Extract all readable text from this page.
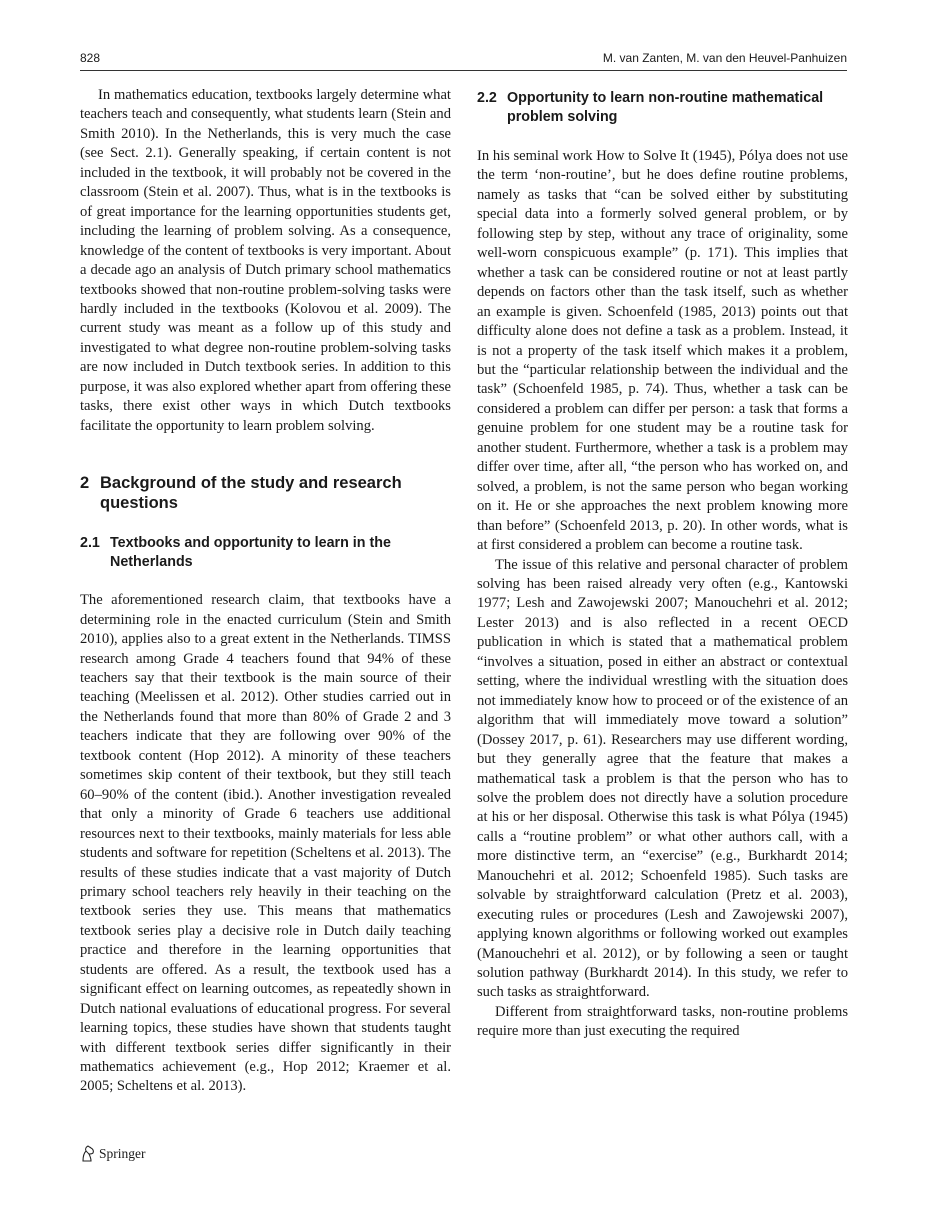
828	M. van Zanten, M. van den Heuvel-Panhuizen

In mathematics education, textbooks largely determine what teachers teach and consequently, what students learn (Stein and Smith 2010). In the Netherlands, this is very much the case (see Sect. 2.1). Generally speaking, if certain content is not included in the textbook, it will probably not be covered in the classroom (Stein et al. 2007). Thus, what is in the textbooks is of great importance for the learning opportunities students get, including the learning of problem solving. As a consequence, knowledge of the content of textbooks is very important. About a decade ago an analysis of Dutch primary school mathematics textbooks showed that non-routine problem-solving tasks were hardly included in the textbooks (Kolovou et al. 2009). The current study was meant as a follow up of this study and investigated to what degree non-routine problem-solving tasks are now included in Dutch textbook series. In addition to this purpose, it was also explored whether apart from offering these tasks, there exist other ways in which Dutch textbooks facilitate the opportunity to learn problem solving.

2 Background of the study and research questions
2.1 Textbooks and opportunity to learn in the Netherlands

The aforementioned research claim, that textbooks have a determining role in the enacted curriculum (Stein and Smith 2010), applies also to a great extent in the Netherlands. TIMSS research among Grade 4 teachers found that 94% of these teachers say that their textbook is the main source of their teaching (Meelissen et al. 2012). Other studies carried out in the Netherlands found that more than 80% of Grade 2 and 3 teachers indicate that they are following over 90% of the textbook content (Hop 2012). A minority of these teachers sometimes skip content of their textbook, but they still teach 60–90% of the content (ibid.). Another investigation revealed that only a minority of Grade 6 teachers use additional resources next to their textbooks, mainly materials for less able students and software for repetition (Scheltens et al. 2013). The results of these studies indicate that a vast majority of Dutch primary school teachers rely heavily in their teaching on the textbook series they use. This means that mathematics textbook series play a decisive role in Dutch daily teaching practice and therefore in the learning opportunities that students are offered. As a result, the textbook used has a significant effect on learning outcomes, as repeatedly shown in Dutch national evaluations of educational progress. For several learning topics, these studies have shown that students taught with different textbook series differ significantly in their mathematics achievement (e.g., Hop 2012; Kraemer et al. 2005; Scheltens et al. 2013).

2.2 Opportunity to learn non-routine mathematical problem solving

In his seminal work How to Solve It (1945), Pólya does not use the term ‘non-routine’, but he does define routine problems, namely as tasks that “can be solved either by substituting special data into a formerly solved general problem, or by following step by step, without any trace of originality, some well-worn conspicuous example” (p. 171). This implies that whether a task can be considered routine or not at least partly depends on factors other than the task itself, such as whether an example is given. Schoenfeld (1985, 2013) points out that difficulty alone does not define a task as a problem. Instead, it is not a property of the task itself which makes it a problem, but the “particular relationship between the individual and the task” (Schoenfeld 1985, p. 74). Thus, whether a task can be considered a problem can differ per person: a task that forms a genuine problem for one student may be a routine task for another student. Furthermore, whether a task is a problem may differ over time, after all, “the person who has worked on, and solved, a problem, is not the same person who began working on it. He or she approaches the next problem knowing more than before” (Schoenfeld 2013, p. 20). In other words, what is at first considered a problem can become a routine task.

The issue of this relative and personal character of problem solving has been raised already very often (e.g., Kantowski 1977; Lesh and Zawojewski 2007; Manouchehri et al. 2012; Lester 2013) and is also reflected in a recent OECD publication in which is stated that a mathematical problem “involves a situation, posed in either an abstract or contextual setting, where the individual wrestling with the situation does not immediately know how to proceed or of the existence of an algorithm that will immediately move toward a solution” (Dossey 2017, p. 61). Researchers may use different wording, but they generally agree that the feature that makes a mathematical task a problem is that the person who has to solve the problem does not directly have a solution procedure at his or her disposal. Otherwise this task is what Pólya (1945) calls a “routine problem” or what other authors call, with a more distinctive term, an “exercise” (e.g., Burkhardt 2014; Manouchehri et al. 2012; Schoenfeld 1985). Such tasks are solvable by straightforward calculation (Pretz et al. 2003), executing rules or procedures (Lesh and Zawojewski 2007), applying known algorithms or following worked out examples (Manouchehri et al. 2012), or by following a seen or taught solution pathway (Burkhardt 2014). In this study, we refer to such tasks as straightforward.

Different from straightforward tasks, non-routine problems require more than just executing the required

Springer
